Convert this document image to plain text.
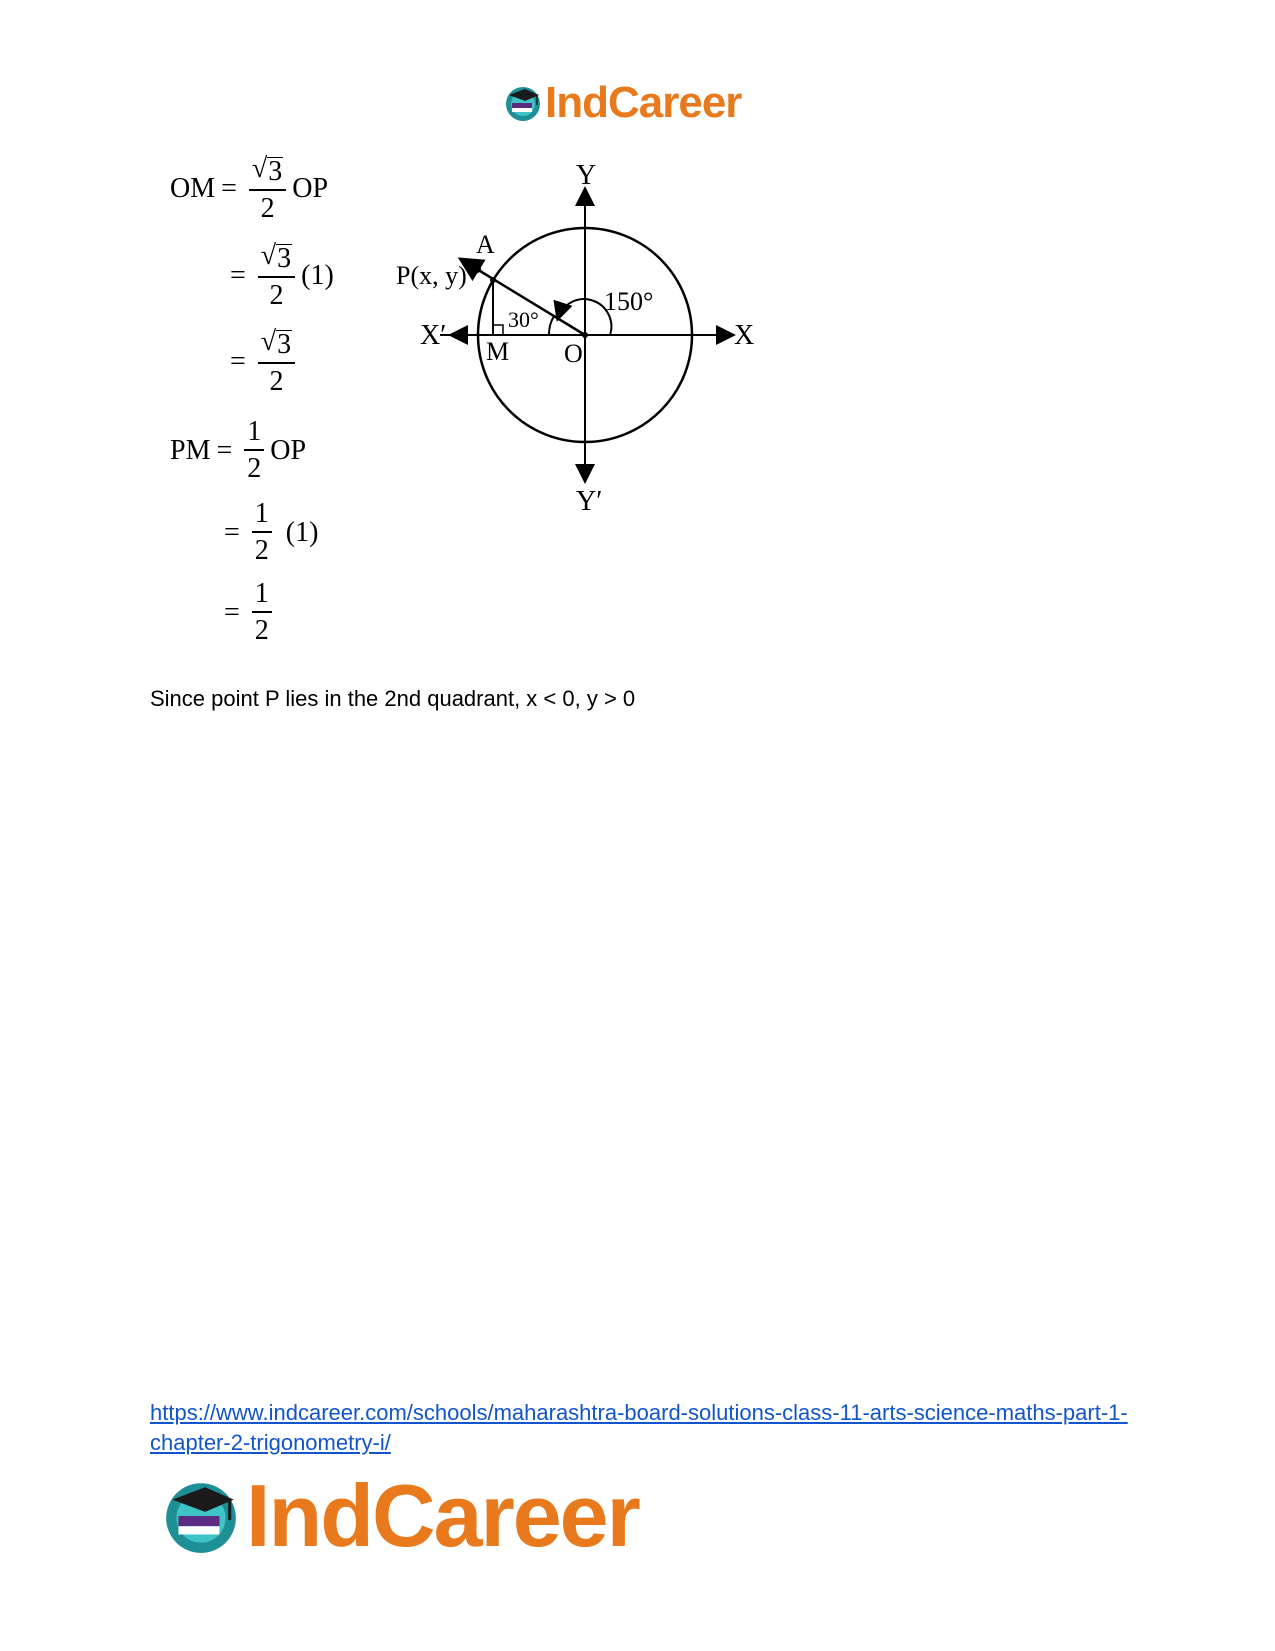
IndCareer
OM = $\frac{√ 3}{2}$ OP
= $\frac{√ 3}{2} (1)$
= $\frac{√ 3}{2}$
PM = $\frac{1}{2}$ OP
= $\frac{1}{2} (1)$
= $\frac{1}{2}$
Y
Y′
X
X′
A
P(x, y)
M O
30°
150°
Since point P lies in the 2nd quadrant, x < 0, y > 0
https://www.indcareer.com/schools/maharashtra-board-solutions-class-11-arts-science-maths-part-1-chapter-2-trigonometry-i/
IndCareer
